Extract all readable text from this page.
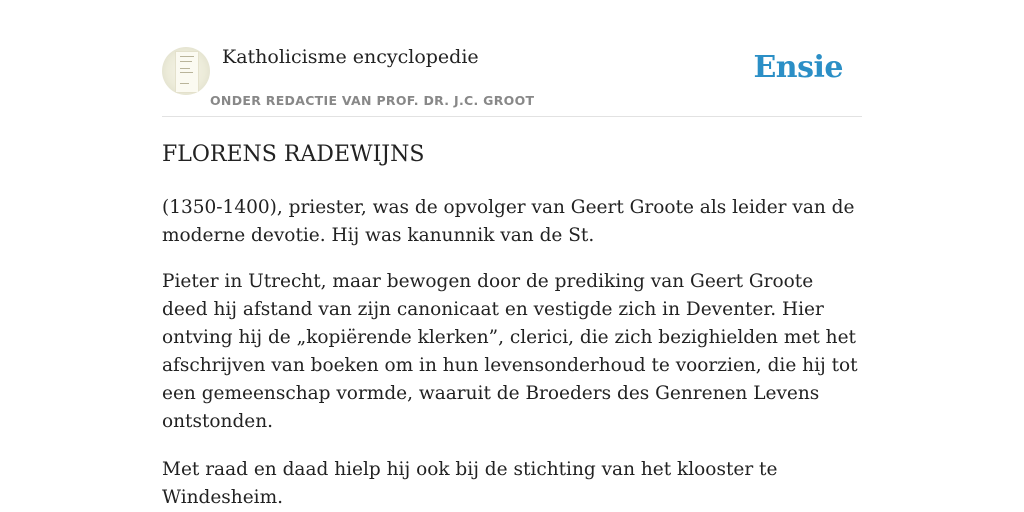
Katholicisme encyclopedie
ONDER REDACTIE VAN PROF. DR. J.C. GROOT
Ensie
FLORENS RADEWIJNS

(1350-1400), priester, was de opvolger van Geert Groote als leider van de moderne devotie. Hij was kanunnik van de St.

Pieter in Utrecht, maar bewogen door de prediking van Geert Groote deed hij afstand van zijn canonicaat en vestigde zich in Deventer. Hier ontving hij de „kopiërende klerken”, clerici, die zich bezighielden met het afschrijven van boeken om in hun levensonderhoud te voorzien, die hij tot een gemeenschap vormde, waaruit de Broeders des Genrenen Levens ontstonden.

Met raad en daad hielp hij ook bij de stichting van het klooster te Windesheim.
